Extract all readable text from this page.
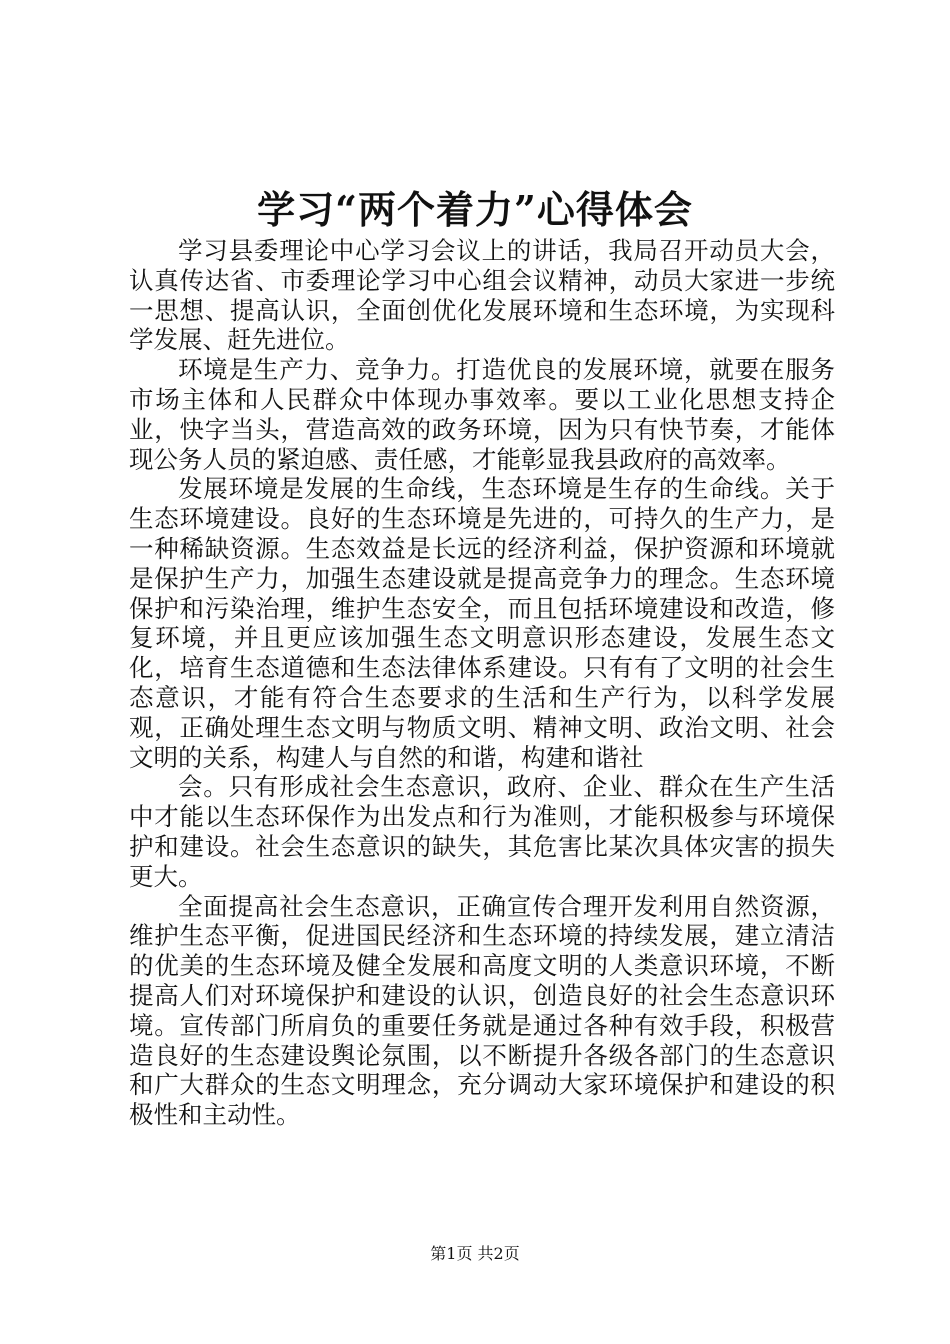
学习“两个着力”心得体会

学习县委理论中心学习会议上的讲话，我局召开动员大会，认真传达省、市委理论学习中心组会议精神，动员大家进一步统一思想、提高认识，全面创优化发展环境和生态环境，为实现科学发展、赶先进位。

环境是生产力、竞争力。打造优良的发展环境，就要在服务市场主体和人民群众中体现办事效率。要以工业化思想支持企业，快字当头，营造高效的政务环境，因为只有快节奏，才能体现公务人员的紧迫感、责任感，才能彰显我县政府的高效率。

发展环境是发展的生命线，生态环境是生存的生命线。关于生态环境建设。良好的生态环境是先进的，可持久的生产力，是一种稀缺资源。生态效益是长远的经济利益，保护资源和环境就是保护生产力，加强生态建设就是提高竞争力的理念。生态环境保护和污染治理，维护生态安全，而且包括环境建设和改造，修复环境，并且更应该加强生态文明意识形态建设，发展生态文化，培育生态道德和生态法律体系建设。只有有了文明的社会生态意识，才能有符合生态要求的生活和生产行为，以科学发展观，正确处理生态文明与物质文明、精神文明、政治文明、社会文明的关系，构建人与自然的和谐，构建和谐社

会。只有形成社会生态意识，政府、企业、群众在生产生活中才能以生态环保作为出发点和行为准则，才能积极参与环境保护和建设。社会生态意识的缺失，其危害比某次具体灾害的损失更大。

全面提高社会生态意识，正确宣传合理开发利用自然资源，维护生态平衡，促进国民经济和生态环境的持续发展，建立清洁的优美的生态环境及健全发展和高度文明的人类意识环境，不断提高人们对环境保护和建设的认识，创造良好的社会生态意识环境。宣传部门所肩负的重要任务就是通过各种有效手段，积极营造良好的生态建设舆论氛围，以不断提升各级各部门的生态意识和广大群众的生态文明理念，充分调动大家环境保护和建设的积极性和主动性。

第1页 共2页
